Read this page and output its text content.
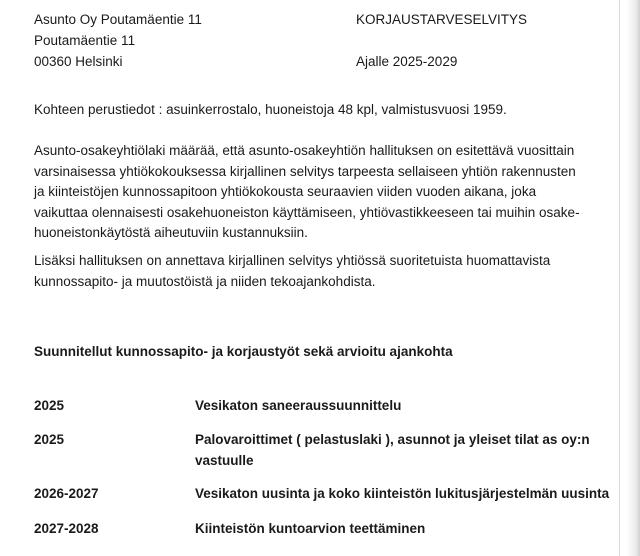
Asunto Oy Poutamäentie 11
Poutamäentie 11
00360 Helsinki
KORJAUSTARVESELVITYS
Ajalle 2025-2029
Kohteen perustiedot : asuinkerrostalo, huoneistoja 48 kpl, valmistusvuosi 1959.
Asunto-osakeyhtiölaki määrää, että asunto-osakeyhtiön hallituksen on esitettävä vuosittain
varsinaisessa yhtiökokouksessa kirjallinen selvitys tarpeesta sellaiseen yhtiön rakennusten
ja kiinteistöjen kunnossapitoon yhtiökokousta seuraavien viiden vuoden aikana, joka
vaikuttaa olennaisesti osakehuoneiston käyttämiseen, yhtiövastikkeeseen tai muihin osake-
huoneistonkäytöstä aiheutuviin kustannuksiin.
Lisäksi hallituksen on annettava kirjallinen selvitys yhtiössä suoritetuista huomattavista
kunnossapito- ja muutostöistä ja niiden tekoajankohdista.
Suunnitellut kunnossapito- ja korjaustyöt sekä arvioitu ajankohta
2025	Vesikaton saneeraussuunnittelu
2025	Palovaroittimet ( pelastuslaki ), asunnot ja yleiset tilat as oy:n
vastuulle
2026-2027	Vesikaton uusinta ja koko kiinteistön lukitusjärjestelmän uusinta
2027-2028	Kiinteistön kuntoarvion teettäminen
